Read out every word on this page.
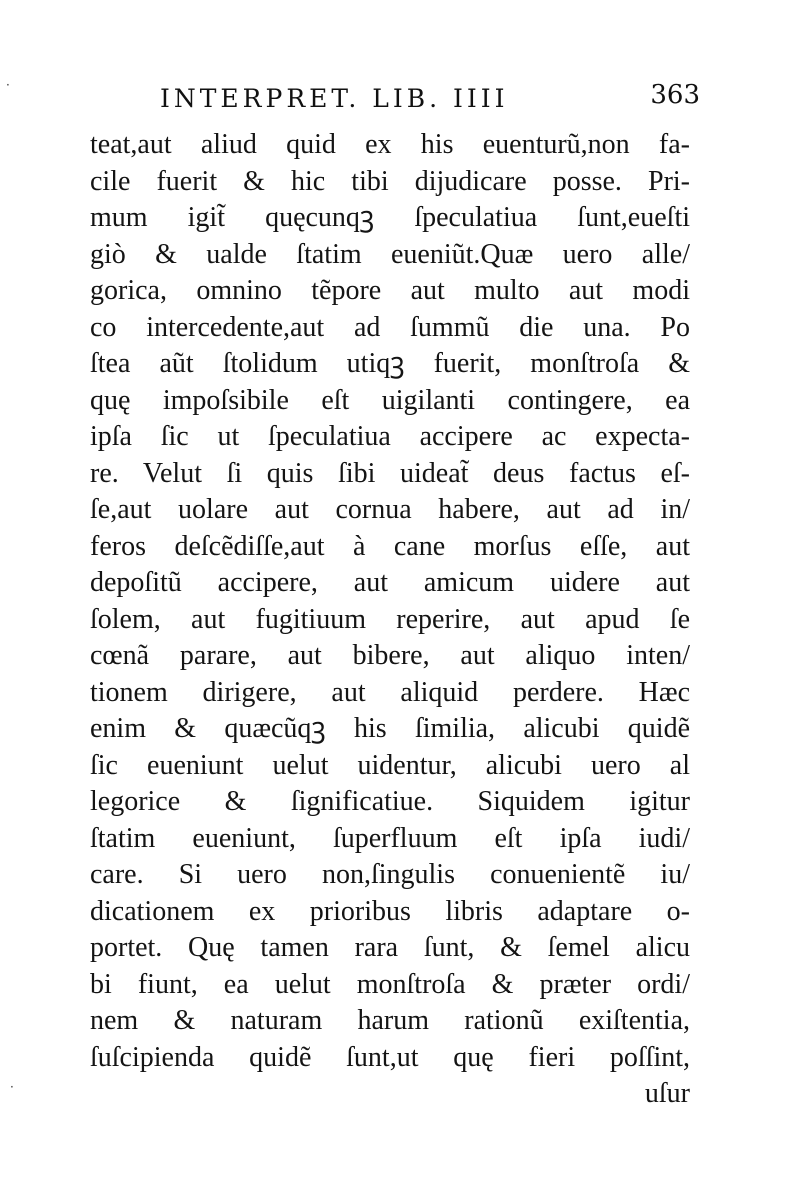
INTERPRET. LIB. IIII	363
teat,aut aliud quid ex his euenturũ,non fa-
cile fuerit & hic tibi dijudicare posse. Pri-
mum igit̃ quęcunqꝫ ſpeculatiua ſunt,eueſti
giò & ualde ſtatim eueniũt.Quæ uero alle/
gorica, omnino tẽpore aut multo aut modi
co intercedente,aut ad ſummũ die una. Po
ſtea aũt ſtolidum utiqꝫ fuerit, monſtroſa &
quę impoſsibile eſt uigilanti contingere, ea
ipſa ſic ut ſpeculatiua accipere ac expecta-
re. Velut ſi quis ſibi uideat̃ deus factus eſ-
ſe,aut uolare aut cornua habere, aut ad in/
feros deſcẽdiſſe,aut à cane morſus eſſe, aut
depoſitũ accipere, aut amicum uidere aut
ſolem, aut fugitiuum reperire, aut apud ſe
cœnã parare, aut bibere, aut aliquo inten/
tionem dirigere, aut aliquid perdere. Hæc
enim & quæcũqꝫ his ſimilia, alicubi quidẽ
ſic eueniunt uelut uidentur, alicubi uero al
legorice & ſignificatiue. Siquidem igitur
ſtatim eueniunt, ſuperfluum eſt ipſa iudi/
care. Si uero non,ſingulis conuenientẽ iu/
dicationem ex prioribus libris adaptare o-
portet. Quę tamen rara ſunt, & ſemel alicu
bi fiunt, ea uelut monſtroſa & præter ordi/
nem & naturam harum rationũ exiſtentia,
ſuſcipienda quidẽ ſunt,ut quę fieri poſſint,
uſur
·
·
